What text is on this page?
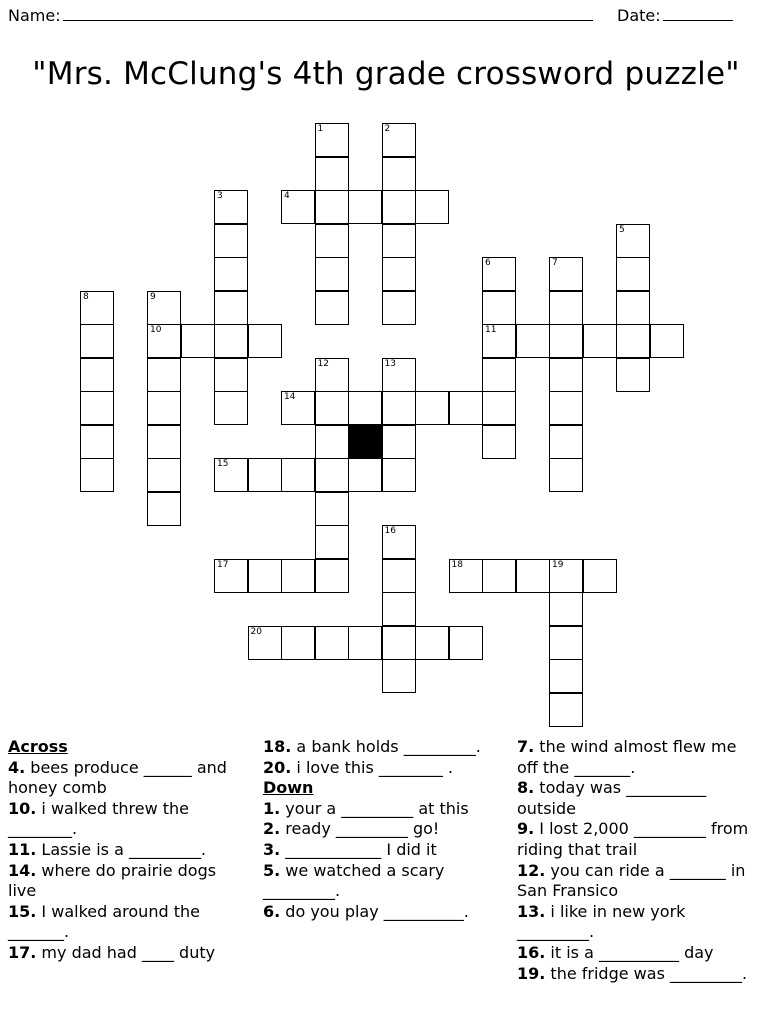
Name:	Date:
"Mrs. McClung's 4th grade crossword puzzle"
1	2
4
3
5
6	7
8	9
10	11
12	13
14
15
16
17	18	19
20
Across
4. bees produce ______ and honey comb
10. i walked threw the ________.
11. Lassie is a _________.
14. where do prairie dogs live
15. I walked around the _______.
17. my dad had ____ duty
18. a bank holds _________.
20. i love this ________ .
Down
1. your a _________ at this
2. ready _________ go!
3. ____________ I did it
5. we watched a scary _________.
6. do you play __________.
7. the wind almost flew me off the _______.
8. today was __________ outside
9. I lost 2,000 _________ from riding that trail
12. you can ride a _______ in San Fransico
13. i like in new york _________.
16. it is a __________ day
19. the fridge was _________.
